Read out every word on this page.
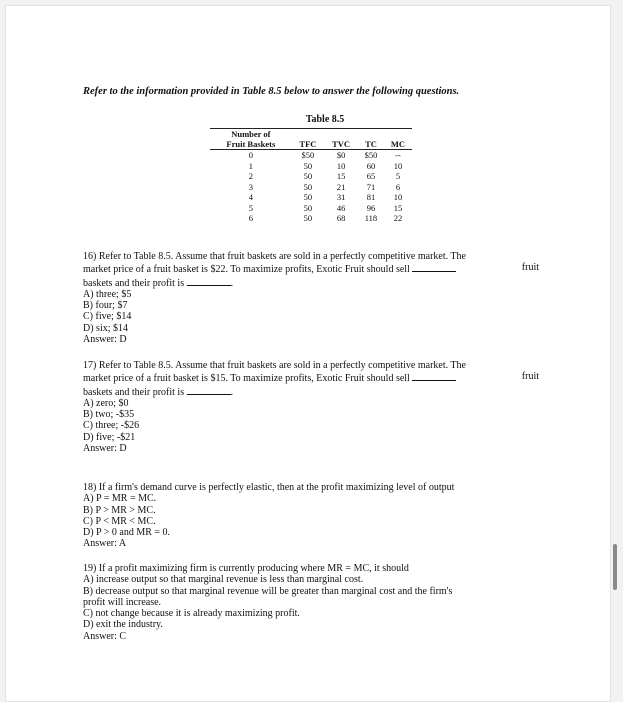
Refer to the information provided in Table 8.5 below to answer the following questions.
Table 8.5

Number of				
Fruit Baskets	TFC	TVC	TC	MC
0	$50	$0	$50	--
1	50	10	60	10
2	50	15	65	5
3	50	21	71	6
4	50	31	81	10
5	50	46	96	15
6	50	68	118	22

16) Refer to Table 8.5. Assume that fruit baskets are sold in a perfectly competitive market. The

market price of a fruit basket is $22. To maximize profits, Exotic Fruit should sell	fruit

baskets and their profit is	.

A) three; $5

B) four; $7

C) five; $14

D) six; $14

Answer: D

17) Refer to Table 8.5. Assume that fruit baskets are sold in a perfectly competitive market. The

market price of a fruit basket is $15. To maximize profits, Exotic Fruit should sell	fruit

baskets and their profit is	.

A) zero; $0

B) two; -$35

C) three; -$26

D) five; -$21

Answer: D

18) If a firm's demand curve is perfectly elastic, then at the profit maximizing level of output

A) P = MR = MC.

B) P > MR > MC.

C) P < MR < MC.

D) P > 0 and MR = 0.

Answer: A

19) If a profit maximizing firm is currently producing where MR = MC, it should

A) increase output so that marginal revenue is less than marginal cost.

B) decrease output so that marginal revenue will be greater than marginal cost and the firm's

profit will increase.

C) not change because it is already maximizing profit.

D) exit the industry.

Answer: C
